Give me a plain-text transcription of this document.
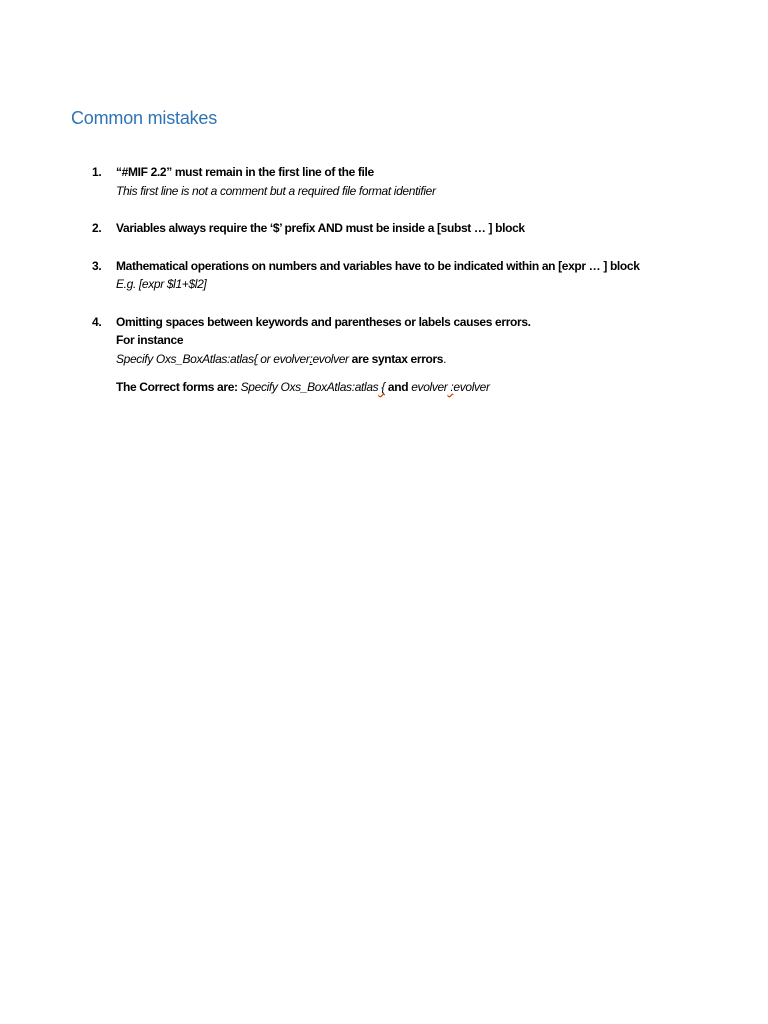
Common mistakes
1. “#MIF 2.2” must remain in the first line of the file
This first line is not a comment but a required file format identifier
2. Variables always require the ‘$’ prefix AND must be inside a [subst … ] block
3. Mathematical operations on numbers and variables have to be indicated within an [expr … ] block
E.g. [expr $l1+$l2]
4. Omitting spaces between keywords and parentheses or labels causes errors.
For instance
Specify Oxs_BoxAtlas:atlas{ or evolver:evolver are syntax errors.
The Correct forms are: Specify Oxs_BoxAtlas:atlas { and evolver :evolver
